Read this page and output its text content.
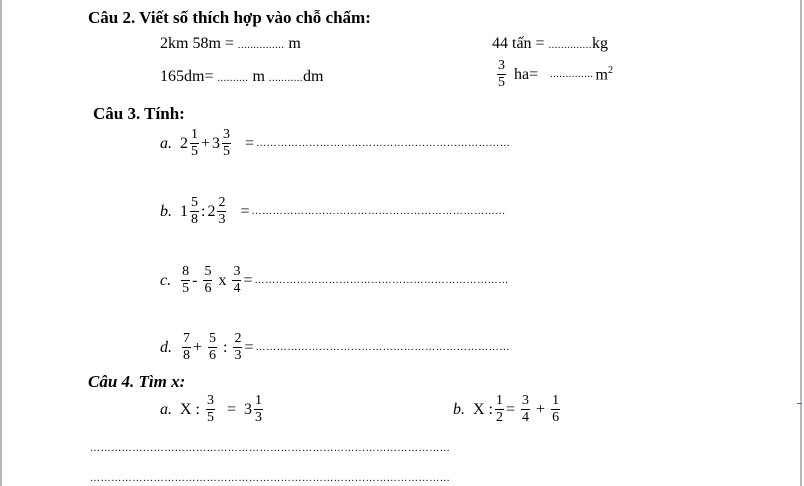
Câu 2. Viết số thích hợp vào chỗ chấm:
2km 58m = ............... m	44 tấn = ..............kg
165dm= .......... m ...........dm	$\frac{3}{5} ha=$ .............. $m^2$
Câu 3. Tính:
a. $2 \frac{1}{5} + 3 \frac{3}{5}$ = ………………………………………………………………
b. $1 \frac{5}{8}$ : $2 \frac{2}{3}$ = ………………………………………………………………
c. $\frac{8}{5} - \frac{5}{6}$ x $\frac{3}{4}$ = ………………………………………………………………
d. $\frac{7}{8} + \frac{5}{6}$ : $\frac{2}{3}$ = ………………………………………………………………
Câu 4. Tìm x:
a. X : $\frac{3}{5} = 3 \frac{1}{3}$	b. X : $\frac{1}{2} = \frac{3}{4} + \frac{1}{6}$
…………………………………………………………………………………………
…………………………………………………………………………………………
